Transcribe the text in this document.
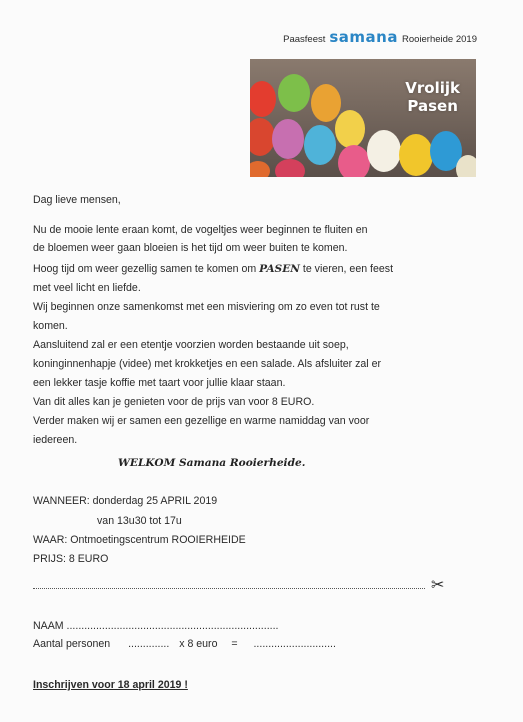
Paasfeest samana Rooierheide 2019
Vrolijk
Pasen
Dag lieve mensen,
Nu de mooie lente eraan komt, de vogeltjes weer beginnen te fluiten en
de bloemen weer gaan bloeien is het tijd om weer buiten te komen.
Hoog tijd om weer gezellig samen te komen om PASEN te vieren, een feest
met veel licht en liefde.
Wij beginnen onze samenkomst met een misviering om zo even tot rust te
komen.
Aansluitend zal er een etentje voorzien worden bestaande uit soep,
koninginnenhapje (videe) met krokketjes en een salade. Als afsluiter zal er
een lekker tasje koffie met taart voor jullie klaar staan.
Van dit alles kan je genieten voor de prijs van voor 8 EURO.
Verder maken wij er samen een gezellige en warme namiddag van voor
iedereen.
WELKOM Samana Rooierheide.
WANNEER: donderdag 25 APRIL 2019
van 13u30 tot 17u
WAAR: Ontmoetingscentrum ROOIERHEIDE
PRIJS: 8 EURO
✂
NAAM ........................................................................
Aantal personen .............. x 8 euro = ............................
Inschrijven voor 18 april 2019 !
